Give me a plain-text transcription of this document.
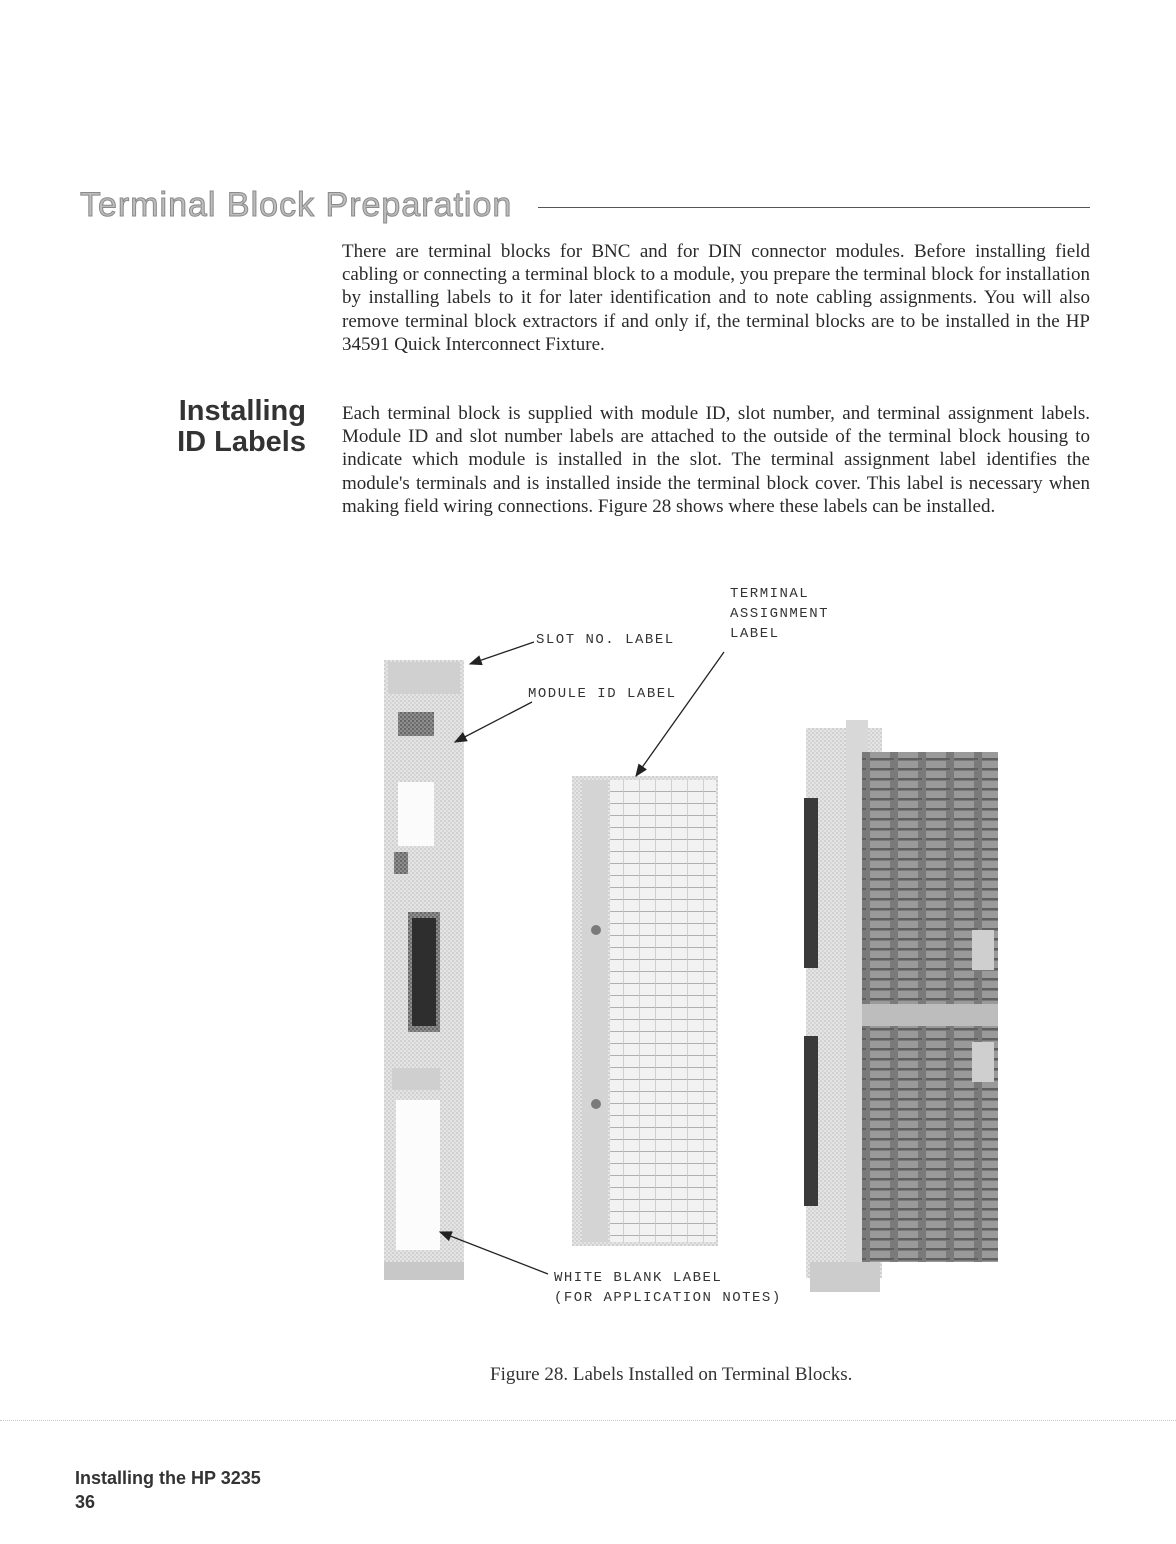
Terminal Block Preparation

There are terminal blocks for BNC and for DIN connector modules. Before installing field cabling or connecting a terminal block to a module, you prepare the terminal block for installation by installing labels to it for later identification and to note cabling assignments. You will also remove terminal block extractors if and only if, the terminal blocks are to be installed in the HP 34591 Quick Interconnect Fixture.

Installing
ID Labels

Each terminal block is supplied with module ID, slot number, and terminal assignment labels. Module ID and slot number labels are attached to the outside of the terminal block housing to indicate which module is installed in the slot. The terminal assignment label identifies the module's terminals and is installed inside the terminal block cover. This label is necessary when making field wiring connections. Figure 28 shows where these labels can be installed.

TERMINAL
ASSIGNMENT
LABEL
SLOT NO. LABEL
MODULE ID LABEL
WHITE BLANK LABEL
(FOR APPLICATION NOTES)
Figure 28. Labels Installed on Terminal Blocks.
Installing the HP 3235
36
